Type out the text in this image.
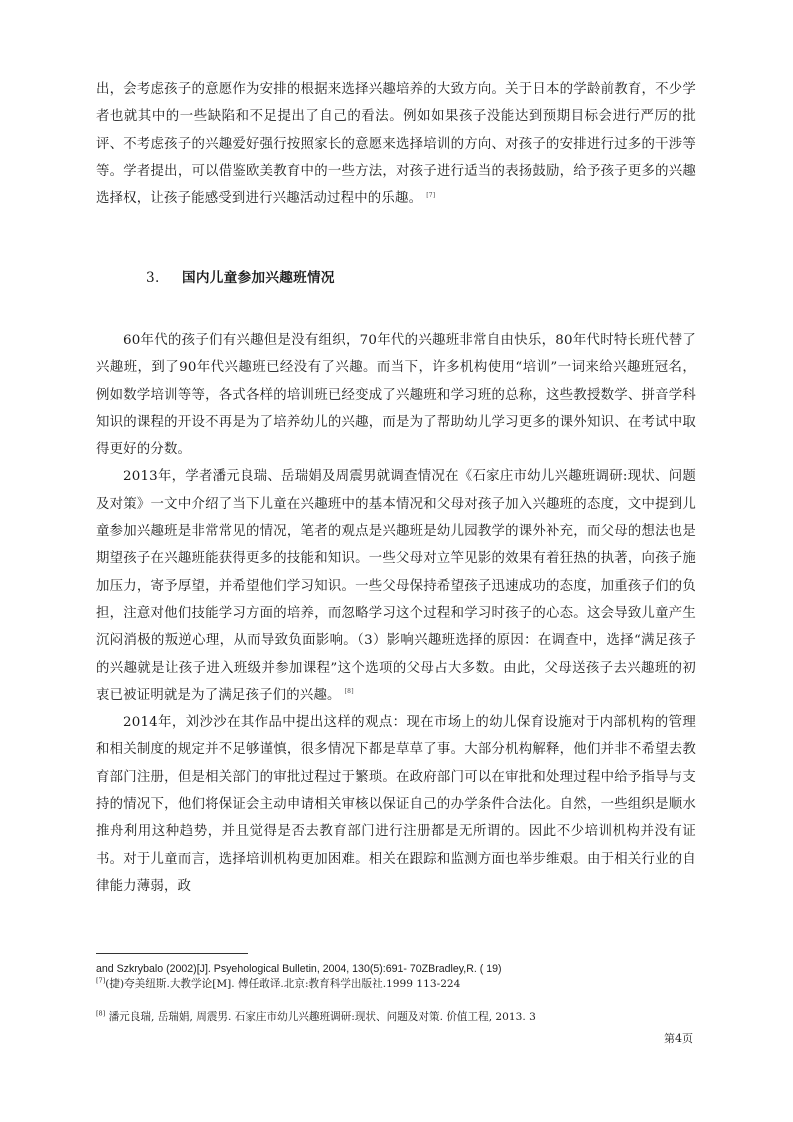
出，会考虑孩子的意愿作为安排的根据来选择兴趣培养的大致方向。关于日本的学龄前教育，不少学者也就其中的一些缺陷和不足提出了自己的看法。例如如果孩子没能达到预期目标会进行严厉的批评、不考虑孩子的兴趣爱好强行按照家长的意愿来选择培训的方向、对孩子的安排进行过多的干涉等等。学者提出，可以借鉴欧美教育中的一些方法，对孩子进行适当的表扬鼓励，给予孩子更多的兴趣选择权，让孩子能感受到进行兴趣活动过程中的乐趣。 [7]

3. 国内儿童参加兴趣班情况

60年代的孩子们有兴趣但是没有组织，70年代的兴趣班非常自由快乐，80年代时特长班代替了兴趣班，到了90年代兴趣班已经没有了兴趣。而当下，许多机构使用“培训”一词来给兴趣班冠名，例如数学培训等等，各式各样的培训班已经变成了兴趣班和学习班的总称，这些教授数学、拼音学科知识的课程的开设不再是为了培养幼儿的兴趣，而是为了帮助幼儿学习更多的课外知识、在考试中取得更好的分数。

2013年，学者潘元良瑞、岳瑞娟及周震男就调查情况在《石家庄市幼儿兴趣班调研:现状、问题及对策》一文中介绍了当下儿童在兴趣班中的基本情况和父母对孩子加入兴趣班的态度，文中提到儿童参加兴趣班是非常常见的情况，笔者的观点是兴趣班是幼儿园教学的课外补充，而父母的想法也是期望孩子在兴趣班能获得更多的技能和知识。一些父母对立竿见影的效果有着狂热的执著，向孩子施加压力，寄予厚望，并希望他们学习知识。一些父母保持希望孩子迅速成功的态度，加重孩子们的负担，注意对他们技能学习方面的培养，而忽略学习这个过程和学习时孩子的心态。这会导致儿童产生沉闷消极的叛逆心理，从而导致负面影响。（3）影响兴趣班选择的原因：在调查中，选择“满足孩子的兴趣就是让孩子进入班级并参加课程”这个选项的父母占大多数。由此，父母送孩子去兴趣班的初衷已被证明就是为了满足孩子们的兴趣。 [8]

2014年，刘沙沙在其作品中提出这样的观点：现在市场上的幼儿保育设施对于内部机构的管理和相关制度的规定并不足够谨慎，很多情况下都是草草了事。大部分机构解释，他们并非不希望去教育部门注册，但是相关部门的审批过程过于繁琐。在政府部门可以在审批和处理过程中给予指导与支持的情况下，他们将保证会主动申请相关审核以保证自己的办学条件合法化。自然，一些组织是顺水推舟利用这种趋势，并且觉得是否去教育部门进行注册都是无所谓的。因此不少培训机构并没有证书。对于儿童而言，选择培训机构更加困难。相关在跟踪和监测方面也举步维艰。由于相关行业的自律能力薄弱，政

and Szkrybalo (2002)[J]. Psyehological Bulletin, 2004, 130(5):691- 70ZBradley,R. ( 19)
[7](捷)夸美纽斯.大教学论[M]. 傅任敢译.北京:教育科学出版社.1999 113-224
[8] 潘元良瑞, 岳瑞娟, 周震男. 石家庄市幼儿兴趣班调研:现状、问题及对策. 价值工程, 2013. 3
第4页
